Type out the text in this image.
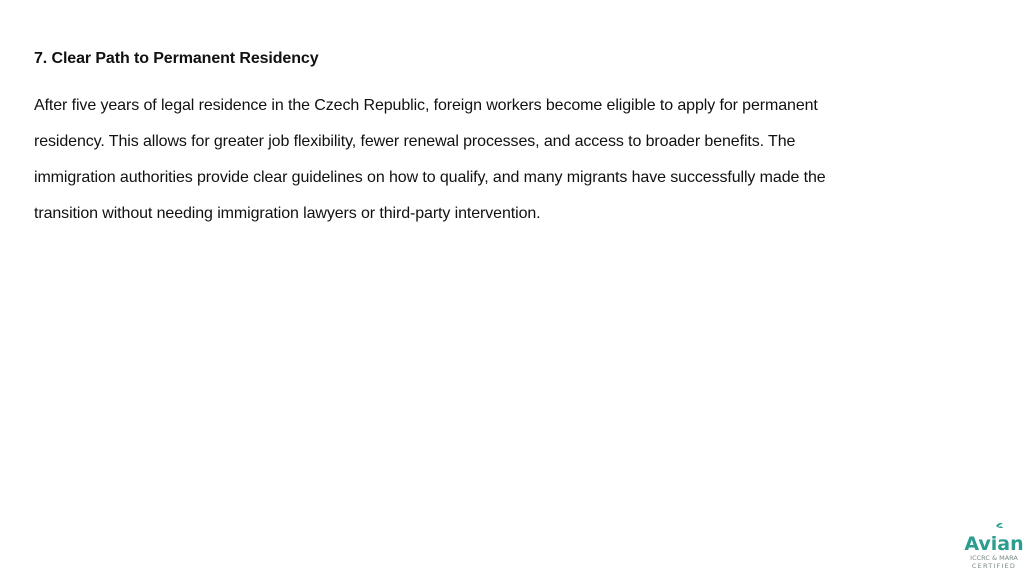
7. Clear Path to Permanent Residency
After five years of legal residence in the Czech Republic, foreign workers become eligible to apply for permanent
residency. This allows for greater job flexibility, fewer renewal processes, and access to broader benefits. The
immigration authorities provide clear guidelines on how to qualify, and many migrants have successfully made the
transition without needing immigration lawyers or third-party intervention.
Avian
ICCRC & MARA
CERTIFIED
